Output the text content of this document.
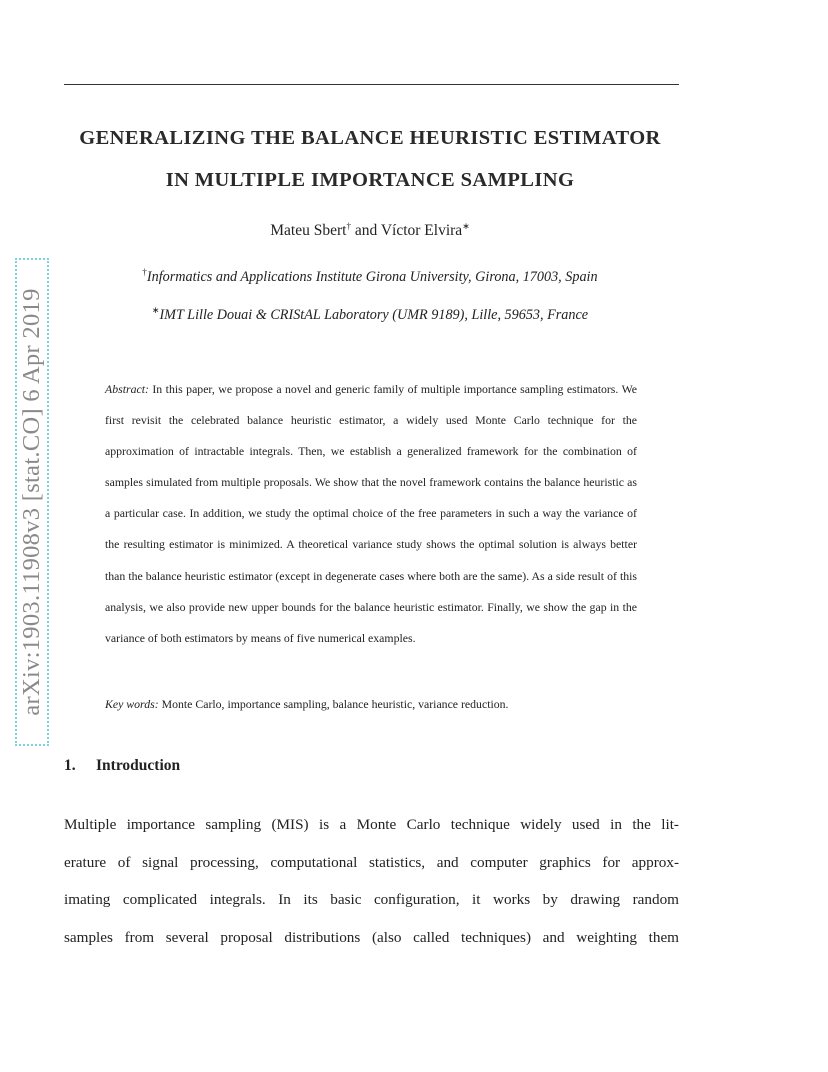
GENERALIZING THE BALANCE HEURISTIC ESTIMATOR
IN MULTIPLE IMPORTANCE SAMPLING
Mateu Sbert† and Víctor Elvira∗
†Informatics and Applications Institute Girona University, Girona, 17003, Spain
∗IMT Lille Douai & CRIStAL Laboratory (UMR 9189), Lille, 59653, France
Abstract: In this paper, we propose a novel and generic family of multiple importance sampling estimators. We first revisit the celebrated balance heuristic estimator, a widely used Monte Carlo technique for the approximation of intractable integrals. Then, we establish a generalized framework for the combination of samples simulated from multiple proposals. We show that the novel framework contains the balance heuristic as a particular case. In addition, we study the optimal choice of the free parameters in such a way the variance of the resulting estimator is minimized. A theoretical variance study shows the optimal solution is always better than the balance heuristic estimator (except in degenerate cases where both are the same). As a side result of this analysis, we also provide new upper bounds for the balance heuristic estimator. Finally, we show the gap in the variance of both estimators by means of five numerical examples.
Key words: Monte Carlo, importance sampling, balance heuristic, variance reduction.
1. Introduction
Multiple importance sampling (MIS) is a Monte Carlo technique widely used in the lit-
erature of signal processing, computational statistics, and computer graphics for approx-
imating complicated integrals. In its basic configuration, it works by drawing random
samples from several proposal distributions (also called techniques) and weighting them
arXiv:1903.11908v3 [stat.CO] 6 Apr 2019
